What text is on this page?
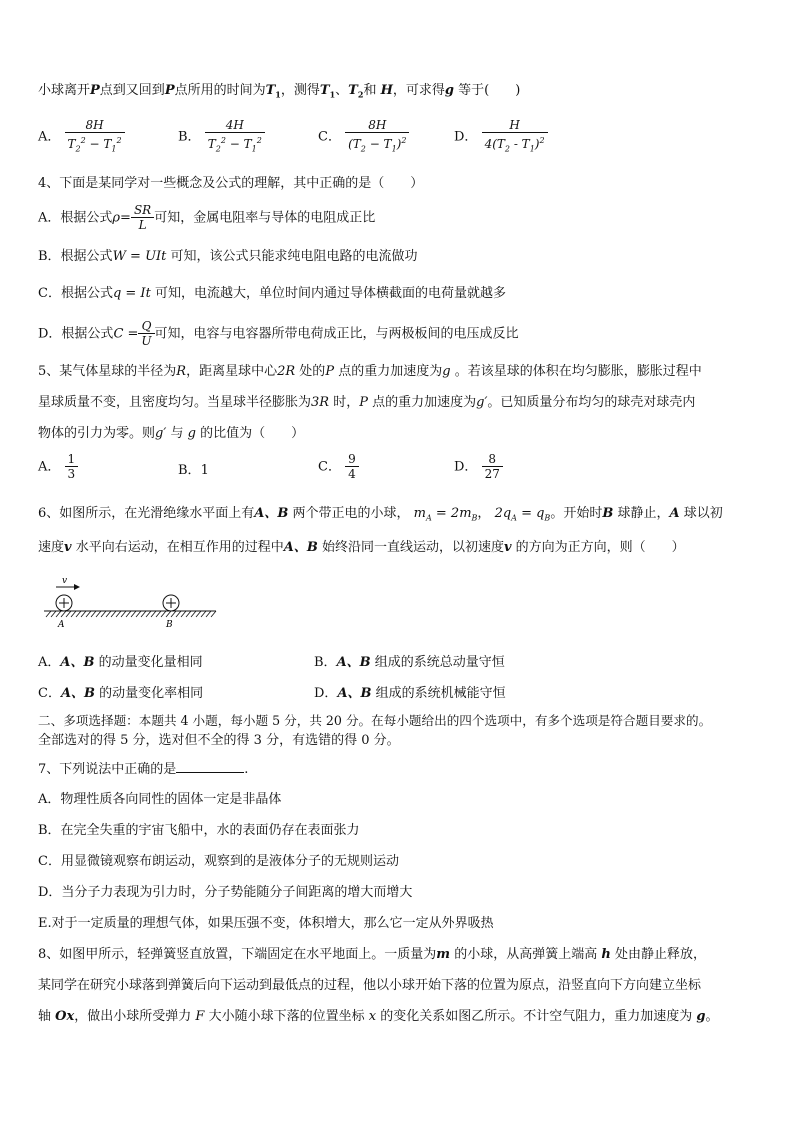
小球离开P点到又回到P点所用的时间为$T_1$，测得$T_1$、$T_2$和 H，可求得g 等于(　　)
A． $\frac{8H}{T_2^2 - T_1^2}$	B． $\frac{4H}{T_2^2 - T_1^2}$	C． $\frac{8H}{(T_2 - T_1)^2}$	D． $\frac{H}{4(T_2 - T_1)^2}$
4、下面是某同学对一些概念及公式的理解，其中正确的是（　　）
A．根据公式$\rho= \frac{SR}{L}$ 可知，金属电阻率与导体的电阻成正比
B．根据公式W = UIt 可知，该公式只能求纯电阻电路的电流做功
C．根据公式q = It 可知，电流越大，单位时间内通过导体横截面的电荷量就越多
D．根据公式$C = \frac{Q}{U}$ 可知，电容与电容器所带电荷成正比，与两极板间的电压成反比
5、某气体星球的半径为R，距离星球中心2R 处的P 点的重力加速度为g 。若该星球的体积在均匀膨胀，膨胀过程中
星球质量不变，且密度均匀。当星球半径膨胀为3R 时，P 点的重力加速度为g′。已知质量分布均匀的球壳对球壳内
物体的引力为零。则g′ 与 g 的比值为（　　）
A． $\frac{1}{3}$	B．1	C． $\frac{9}{4}$	D． $\frac{8}{27}$
6、如图所示，在光滑绝缘水平面上有A、B 两个带正电的小球， $m_A = 2m_B$， $2q_A = q_B$。开始时B 球静止，A 球以初
速度v 水平向右运动，在相互作用的过程中A、B 始终沿同一直线运动，以初速度v 的方向为正方向，则（　　）
v
A	B
A．A、B 的动量变化量相同	B．A、B 组成的系统总动量守恒
C．A、B 的动量变化率相同	D．A、B 组成的系统机械能守恒
二、多项选择题：本题共 4 小题，每小题 5 分，共 20 分。在每小题给出的四个选项中，有多个选项是符合题目要求的。
全部选对的得 5 分，选对但不全的得 3 分，有选错的得 0 分。
7、下列说法中正确的是	.
A．物理性质各向同性的固体一定是非晶体
B．在完全失重的宇宙飞船中，水的表面仍存在表面张力
C．用显微镜观察布朗运动，观察到的是液体分子的无规则运动
D．当分子力表现为引力时，分子势能随分子间距离的增大而增大
E.对于一定质量的理想气体，如果压强不变，体积增大，那么它一定从外界吸热
8、如图甲所示，轻弹簧竖直放置，下端固定在水平地面上。一质量为m 的小球，从高弹簧上端高 h 处由静止释放，
某同学在研究小球落到弹簧后向下运动到最低点的过程，他以小球开始下落的位置为原点，沿竖直向下方向建立坐标
轴 Ox，做出小球所受弹力 F 大小随小球下落的位置坐标 x 的变化关系如图乙所示。不计空气阻力，重力加速度为 g。
